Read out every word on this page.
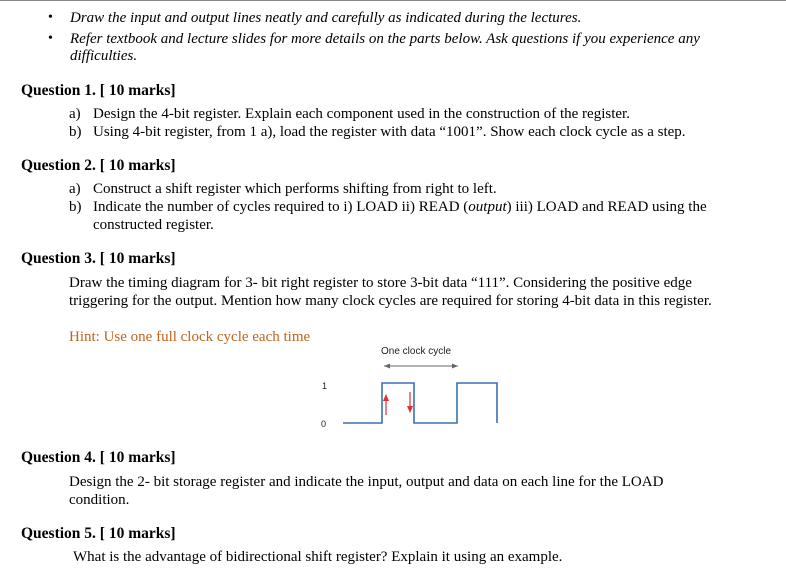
• Draw the input and output lines neatly and carefully as indicated during the lectures.
• Refer textbook and lecture slides for more details on the parts below. Ask questions if you experience any
difficulties.
Question 1. [ 10 marks]
a) Design the 4-bit register. Explain each component used in the construction of the register.
b) Using 4-bit register, from 1 a), load the register with data “1001”. Show each clock cycle as a step.
Question 2. [ 10 marks]
a) Construct a shift register which performs shifting from right to left.
b) Indicate the number of cycles required to i) LOAD ii) READ (output) iii) LOAD and READ using the
constructed register.
Question 3. [ 10 marks]
Draw the timing diagram for 3- bit right register to store 3-bit data “111”. Considering the positive edge
triggering for the output. Mention how many clock cycles are required for storing 4-bit data in this register.
Hint: Use one full clock cycle each time
One clock cycle
1
0
Question 4. [ 10 marks]
Design the 2- bit storage register and indicate the input, output and data on each line for the LOAD
condition.
Question 5. [ 10 marks]
What is the advantage of bidirectional shift register? Explain it using an example.
